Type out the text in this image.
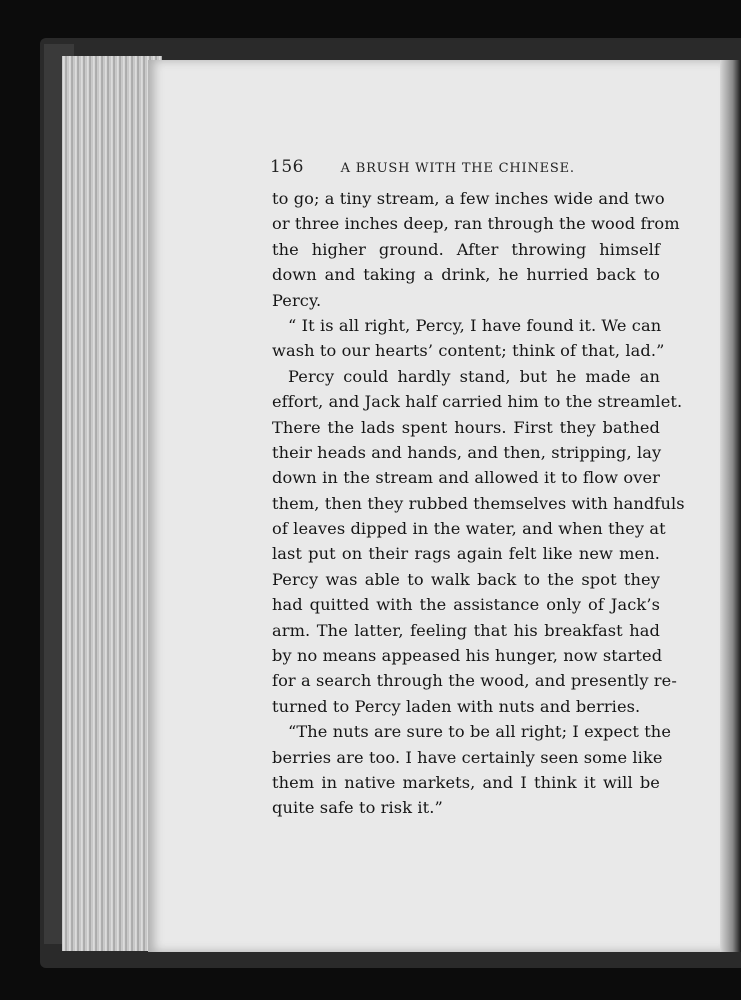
156	A BRUSH WITH THE CHINESE.
to go; a tiny stream, a few inches wide and two
or three inches deep, ran through the wood from
the higher ground. After throwing himself
down and taking a drink, he hurried back to
Percy.
“ It is all right, Percy, I have found it. We can
wash to our hearts’ content; think of that, lad.”
Percy could hardly stand, but he made an
effort, and Jack half carried him to the streamlet.
There the lads spent hours. First they bathed
their heads and hands, and then, stripping, lay
down in the stream and allowed it to flow over
them, then they rubbed themselves with handfuls
of leaves dipped in the water, and when they at
last put on their rags again felt like new men.
Percy was able to walk back to the spot they
had quitted with the assistance only of Jack’s
arm. The latter, feeling that his breakfast had
by no means appeased his hunger, now started
for a search through the wood, and presently re-
turned to Percy laden with nuts and berries.
“The nuts are sure to be all right; I expect the
berries are too. I have certainly seen some like
them in native markets, and I think it will be
quite safe to risk it.”
